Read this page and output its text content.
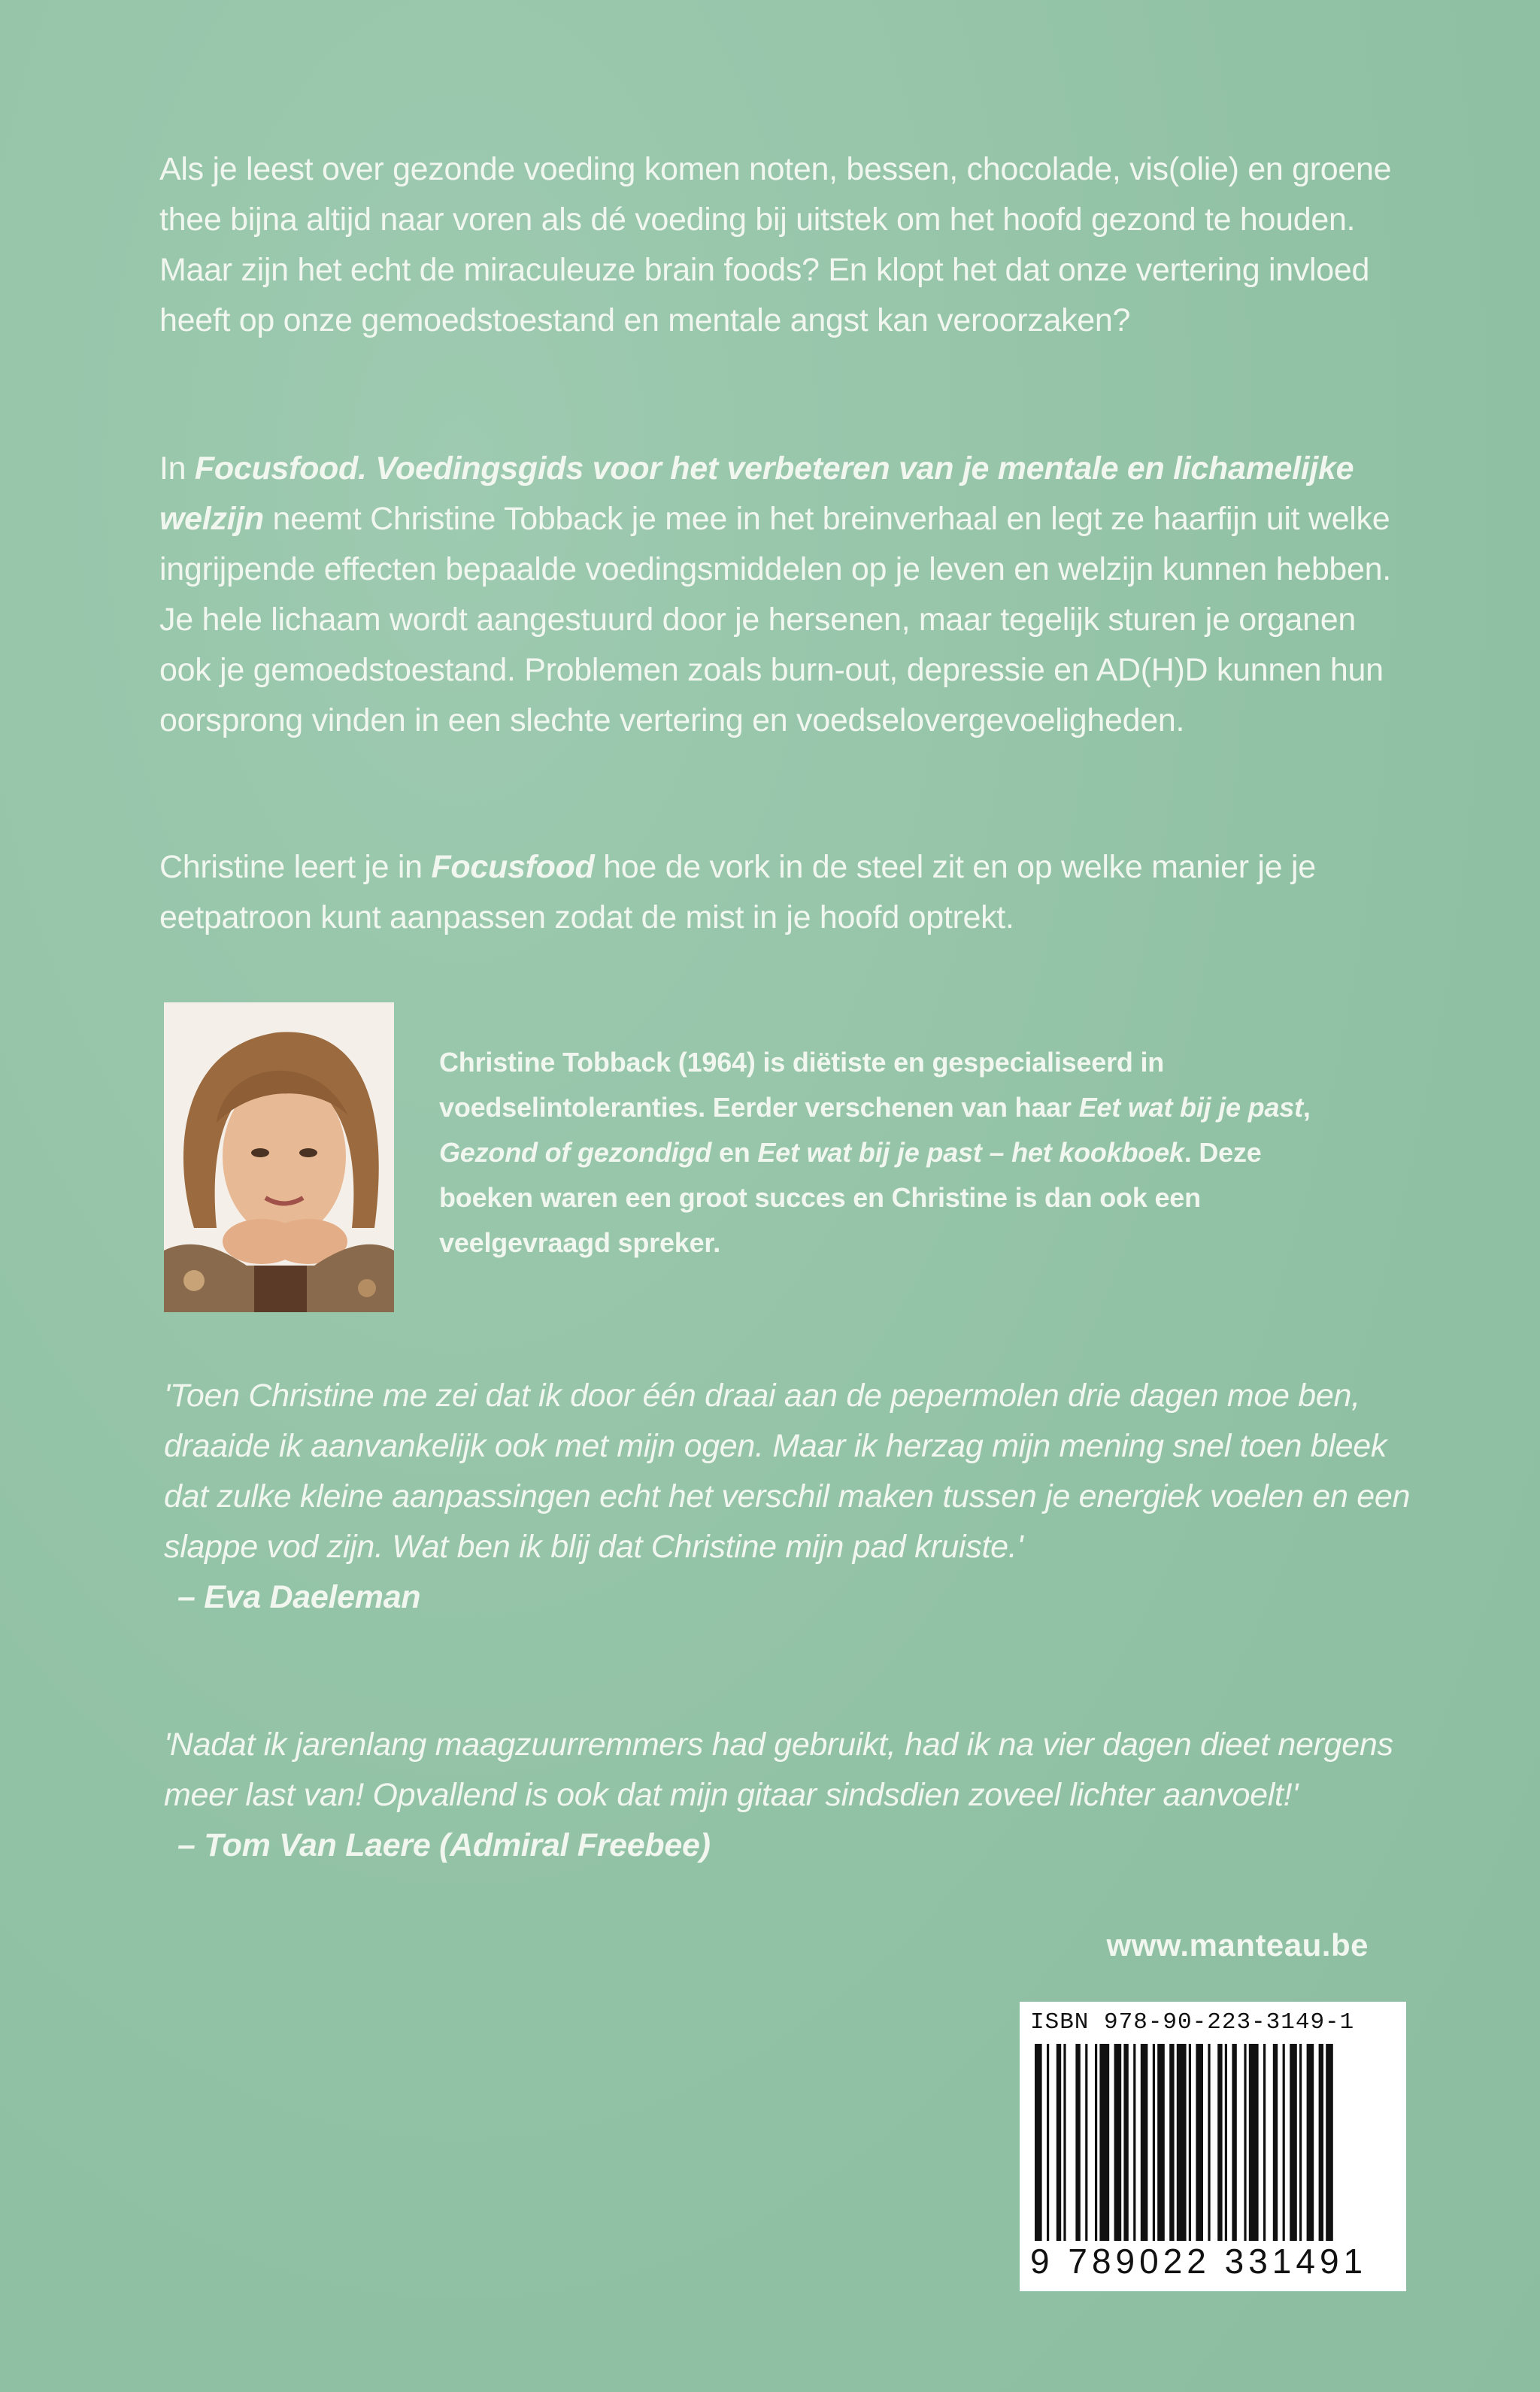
Als je leest over gezonde voeding komen noten, bessen, chocolade, vis(olie) en groene thee bijna altijd naar voren als dé voeding bij uitstek om het hoofd gezond te houden. Maar zijn het echt de miraculeuze brain foods? En klopt het dat onze vertering invloed heeft op onze gemoedstoestand en mentale angst kan veroorzaken?

In Focusfood. Voedingsgids voor het verbeteren van je mentale en lichamelijke welzijn neemt Christine Tobback je mee in het breinverhaal en legt ze haarfijn uit welke ingrijpende effecten bepaalde voedingsmiddelen op je leven en welzijn kunnen hebben. Je hele lichaam wordt aangestuurd door je hersenen, maar tegelijk sturen je organen ook je gemoedstoestand. Problemen zoals burn-out, depressie en AD(H)D kunnen hun oorsprong vinden in een slechte vertering en voedselovergevoeligheden.

Christine leert je in Focusfood hoe de vork in de steel zit en op welke manier je je eetpatroon kunt aanpassen zodat de mist in je hoofd optrekt.

Christine Tobback (1964) is diëtiste en gespecialiseerd in voedselintoleranties. Eerder verschenen van haar Eet wat bij je past, Gezond of gezondigd en Eet wat bij je past – het kookboek. Deze boeken waren een groot succes en Christine is dan ook een veelgevraagd spreker.

'Toen Christine me zei dat ik door één draai aan de pepermolen drie dagen moe ben, draaide ik aanvankelijk ook met mijn ogen. Maar ik herzag mijn mening snel toen bleek dat zulke kleine aanpassingen echt het verschil maken tussen je energiek voelen en een slappe vod zijn. Wat ben ik blij dat Christine mijn pad kruiste.'
– Eva Daeleman
'Nadat ik jarenlang maagzuurremmers had gebruikt, had ik na vier dagen dieet nergens meer last van! Opvallend is ook dat mijn gitaar sindsdien zoveel lichter aanvoelt!'
– Tom Van Laere (Admiral Freebee)
www.manteau.be
ISBN 978-90-223-3149-1
9 789022 331491
